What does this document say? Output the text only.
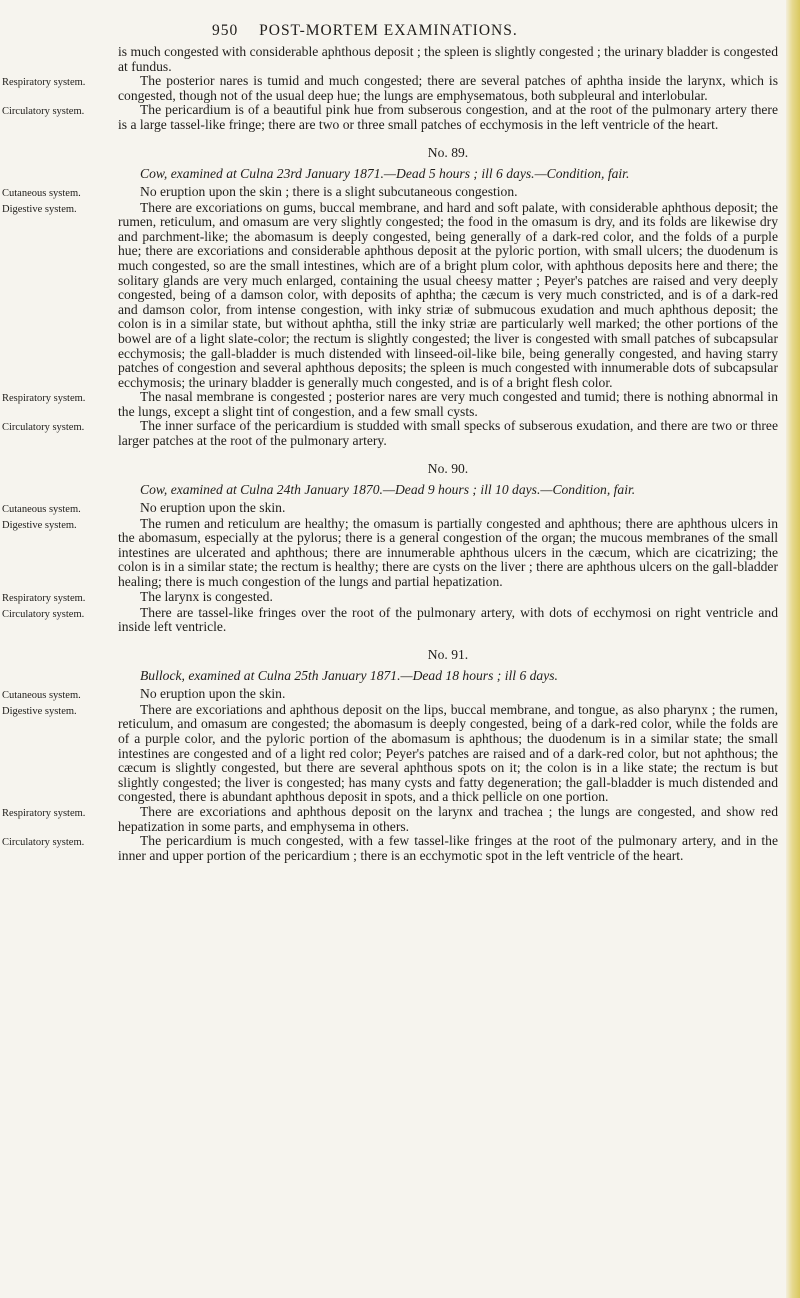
950 POST-MORTEM EXAMINATIONS.

is much congested with considerable aphthous deposit ; the spleen is slightly congested ; the urinary bladder is congested at fundus.

Respiratory system.	The posterior nares is tumid and much congested; there are several patches of aphtha inside the larynx, which is congested, though not of the usual deep hue; the lungs are emphysematous, both subpleural and interlobular.

Circulatory system.	The pericardium is of a beautiful pink hue from subserous congestion, and at the root of the pulmonary artery there is a large tassel-like fringe; there are two or three small patches of ecchymosis in the left ventricle of the heart.

No. 89.
Cow, examined at Culna 23rd January 1871.—Dead 5 hours ; ill 6 days.—Condition, fair.
Cutaneous system.	No eruption upon the skin ; there is a slight subcutaneous congestion.

Digestive system.	There are excoriations on gums, buccal membrane, and hard and soft palate, with considerable aphthous deposit; the rumen, reticulum, and omasum are very slightly congested; the food in the omasum is dry, and its folds are likewise dry and parchment-like; the abomasum is deeply congested, being generally of a dark-red color, and the folds of a purple hue; there are excoriations and considerable aphthous deposit at the pyloric portion, with small ulcers; the duodenum is much congested, so are the small intestines, which are of a bright plum color, with aphthous deposits here and there; the solitary glands are very much enlarged, containing the usual cheesy matter ; Peyer's patches are raised and very deeply congested, being of a damson color, with deposits of aphtha; the cæcum is very much constricted, and is of a dark-red and damson color, from intense congestion, with inky striæ of submucous exudation and much aphthous deposit; the colon is in a similar state, but without aphtha, still the inky striæ are particularly well marked; the other portions of the bowel are of a light slate-color; the rectum is slightly congested; the liver is congested with small patches of subcapsular ecchymosis; the gall-bladder is much distended with linseed-oil-like bile, being generally congested, and having starry patches of congestion and several aphthous deposits; the spleen is much congested with innumerable dots of subcapsular ecchymosis; the urinary bladder is generally much congested, and is of a bright flesh color.

Respiratory system.	The nasal membrane is congested ; posterior nares are very much congested and tumid; there is nothing abnormal in the lungs, except a slight tint of congestion, and a few small cysts.

Circulatory system.	The inner surface of the pericardium is studded with small specks of subserous exudation, and there are two or three larger patches at the root of the pulmonary artery.

No. 90.
Cow, examined at Culna 24th January 1870.—Dead 9 hours ; ill 10 days.—Condition, fair.
Cutaneous system.	No eruption upon the skin.

Digestive system.	The rumen and reticulum are healthy; the omasum is partially congested and aphthous; there are aphthous ulcers in the abomasum, especially at the pylorus; there is a general congestion of the organ; the mucous membranes of the small intestines are ulcerated and aphthous; there are innumerable aphthous ulcers in the cæcum, which are cicatrizing; the colon is in a similar state; the rectum is healthy; there are cysts on the liver ; there are aphthous ulcers on the gall-bladder healing; there is much congestion of the lungs and partial hepatization.

Respiratory system.	The larynx is congested.

Circulatory system.	There are tassel-like fringes over the root of the pulmonary artery, with dots of ecchymosi on right ventricle and inside left ventricle.

No. 91.
Bullock, examined at Culna 25th January 1871.—Dead 18 hours ; ill 6 days.
Cutaneous system.	No eruption upon the skin.

Digestive system.	There are excoriations and aphthous deposit on the lips, buccal membrane, and tongue, as also pharynx ; the rumen, reticulum, and omasum are congested; the abomasum is deeply congested, being of a dark-red color, while the folds are of a purple color, and the pyloric portion of the abomasum is aphthous; the duodenum is in a similar state; the small intestines are congested and of a light red color; Peyer's patches are raised and of a dark-red color, but not aphthous; the cæcum is slightly congested, but there are several aphthous spots on it; the colon is in a like state; the rectum is but slightly congested; the liver is congested; has many cysts and fatty degeneration; the gall-bladder is much distended and congested, there is abundant aphthous deposit in spots, and a thick pellicle on one portion.

Respiratory system.	There are excoriations and aphthous deposit on the larynx and trachea ; the lungs are congested, and show red hepatization in some parts, and emphysema in others.

Circulatory system.	The pericardium is much congested, with a few tassel-like fringes at the root of the pulmonary artery, and in the inner and upper portion of the pericardium ; there is an ecchymotic spot in the left ventricle of the heart.
